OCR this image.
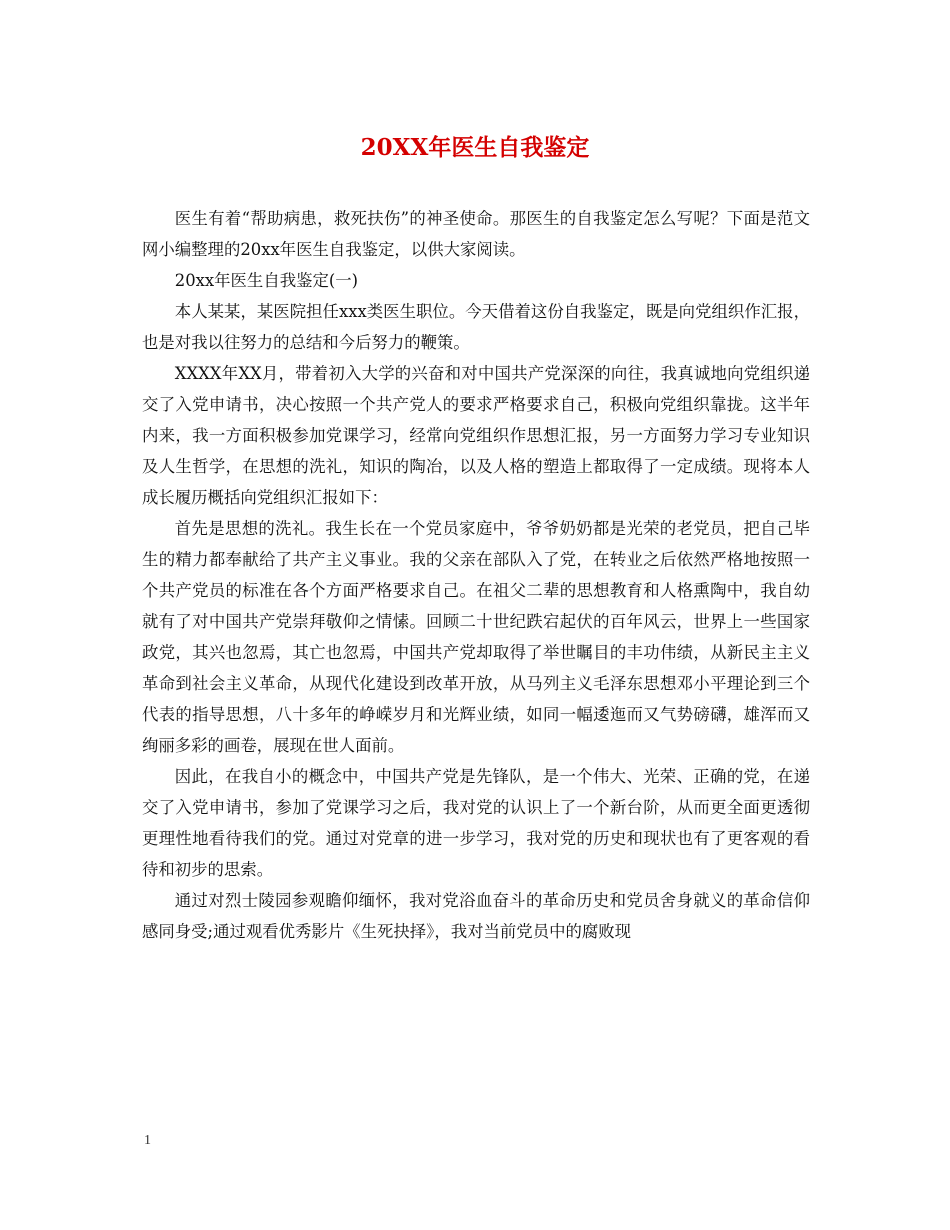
20XX年医生自我鉴定

医生有着“帮助病患，救死扶伤”的神圣使命。那医生的自我鉴定怎么写呢？下面是范文网小编整理的20xx年医生自我鉴定，以供大家阅读。

20xx年医生自我鉴定(一)

本人某某，某医院担任xxx类医生职位。今天借着这份自我鉴定，既是向党组织作汇报，也是对我以往努力的总结和今后努力的鞭策。

XXXX年XX月，带着初入大学的兴奋和对中国共产党深深的向往，我真诚地向党组织递交了入党申请书，决心按照一个共产党人的要求严格要求自己，积极向党组织靠拢。这半年内来，我一方面积极参加党课学习，经常向党组织作思想汇报，另一方面努力学习专业知识及人生哲学，在思想的洗礼，知识的陶冶，以及人格的塑造上都取得了一定成绩。现将本人成长履历概括向党组织汇报如下：

首先是思想的洗礼。我生长在一个党员家庭中，爷爷奶奶都是光荣的老党员，把自己毕生的精力都奉献给了共产主义事业。我的父亲在部队入了党，在转业之后依然严格地按照一个共产党员的标准在各个方面严格要求自己。在祖父二辈的思想教育和人格熏陶中，我自幼就有了对中国共产党崇拜敬仰之情愫。回顾二十世纪跌宕起伏的百年风云，世界上一些国家政党，其兴也忽焉，其亡也忽焉，中国共产党却取得了举世瞩目的丰功伟绩，从新民主主义革命到社会主义革命，从现代化建设到改革开放，从马列主义毛泽东思想邓小平理论到三个代表的指导思想，八十多年的峥嵘岁月和光辉业绩，如同一幅逶迤而又气势磅礴，雄浑而又绚丽多彩的画卷，展现在世人面前。

因此，在我自小的概念中，中国共产党是先锋队，是一个伟大、光荣、正确的党，在递交了入党申请书，参加了党课学习之后，我对党的认识上了一个新台阶，从而更全面更透彻更理性地看待我们的党。通过对党章的进一步学习，我对党的历史和现状也有了更客观的看待和初步的思索。

通过对烈士陵园参观瞻仰缅怀，我对党浴血奋斗的革命历史和党员舍身就义的革命信仰感同身受;通过观看优秀影片《生死抉择》，我对当前党员中的腐败现

1
